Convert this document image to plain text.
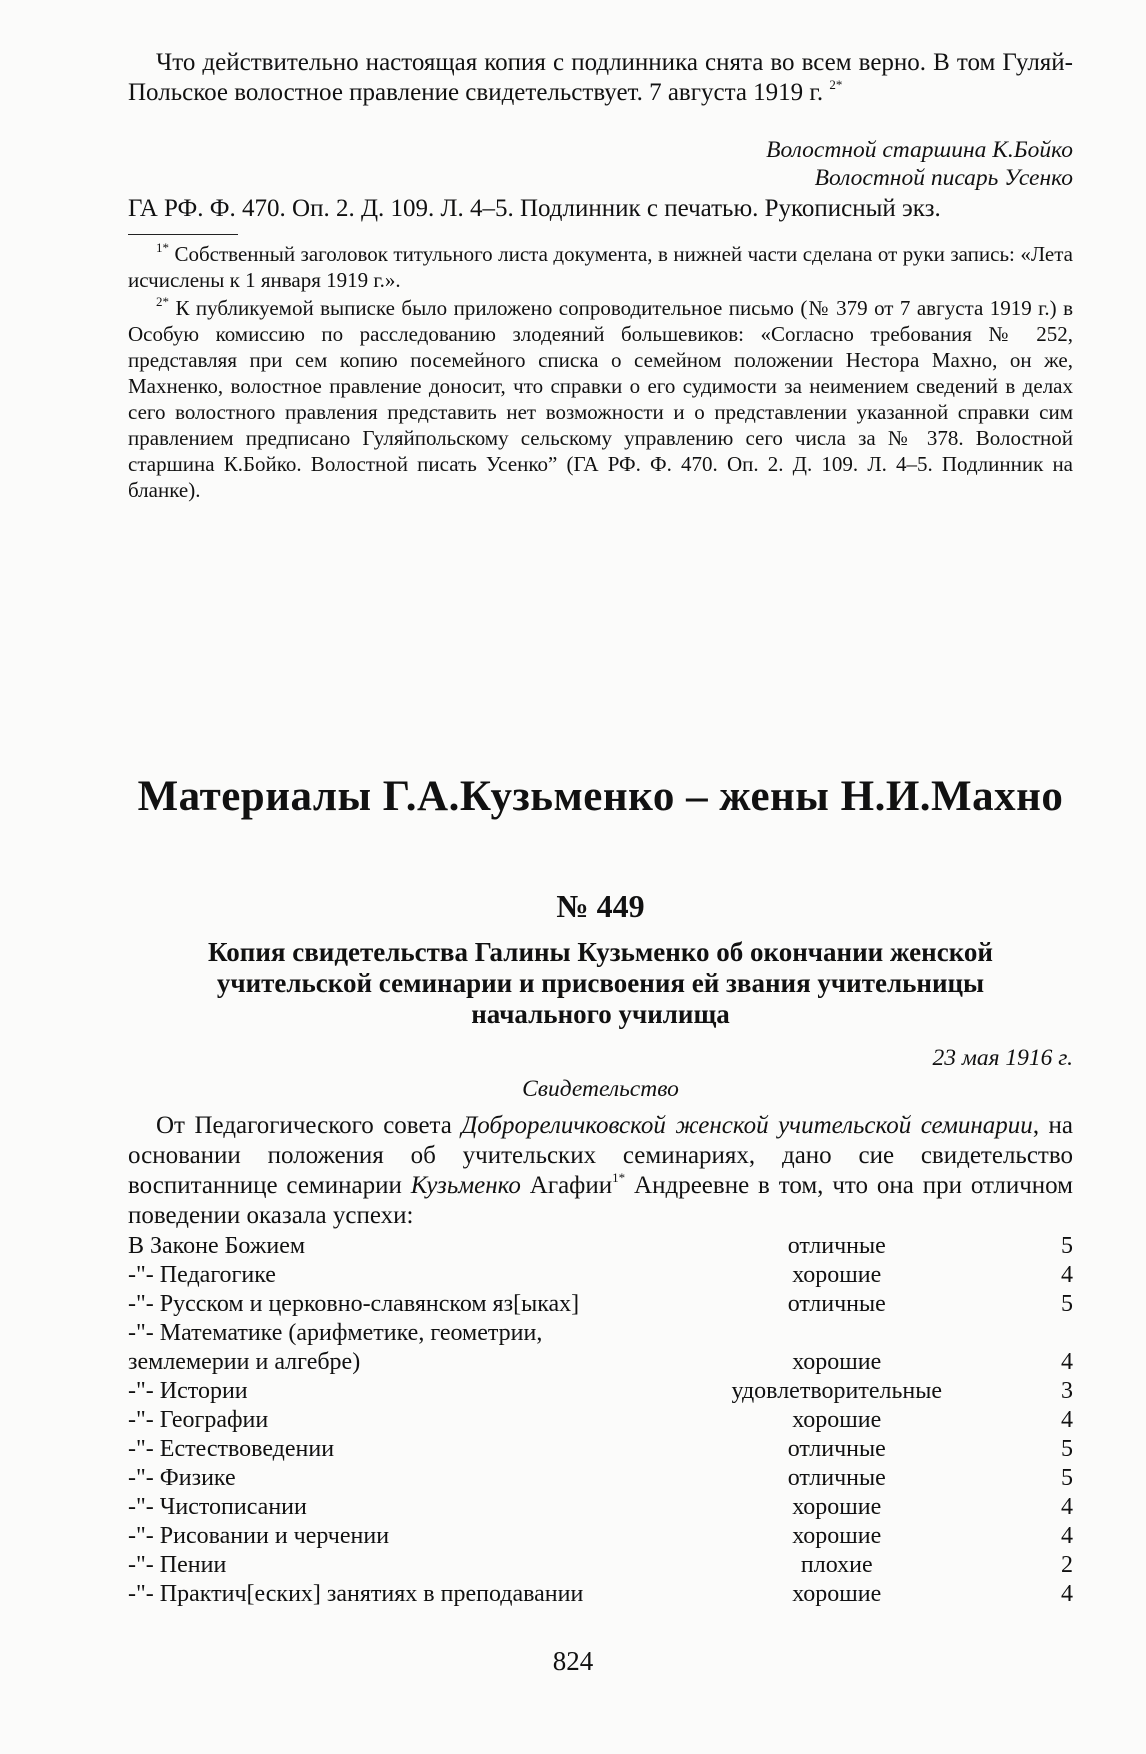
Что действительно настоящая копия с подлинника снята во всем верно. В том Гуляй-Польское волостное правление свидетельствует. 7 августа 1919 г. $^{2*}$

Волостной старшина К.Бойко

Волостной писарь Усенко

ГА РФ. Ф. 470. Оп. 2. Д. 109. Л. 4–5. Подлинник с печатью. Рукописный экз.

$^{1*}$ Собственный заголовок титульного листа документа, в нижней части сделана от руки запись: «Лета исчислены к 1 января 1919 г.».

$^{2*}$ К публикуемой выписке было приложено сопроводительное письмо (№ 379 от 7 августа 1919 г.) в Особую комиссию по расследованию злодеяний большевиков: «Согласно требования № 252, представляя при сем копию посемейного списка о семейном положении Нестора Махно, он же, Махненко, волостное правление доносит, что справки о его судимости за неимением сведений в делах сего волостного правления представить нет возможности и о представлении указанной справки сим правлением предписано Гуляйпольскому сельскому управлению сего числа за № 378. Волостной старшина К.Бойко. Волостной писать Усенко” (ГА РФ. Ф. 470. Оп. 2. Д. 109. Л. 4–5. Подлинник на бланке).

Материалы Г.А.Кузьменко – жены Н.И.Махно

№ 449

Копия свидетельства Галины Кузьменко об окончании женской учительской семинарии и присвоения ей звания учительницы начального училища

23 мая 1916 г.

Свидетельство

От Педагогического совета Доброреличковской женской учительской семинарии, на основании положения об учительских семинариях, дано сие свидетельство воспитаннице семинарии Кузьменко Агафии$^{1*}$ Андреевне в том, что она при отличном поведении оказала успехи:

В Законе Божием	отличные	5
-"- Педагогике	хорошие	4
-"- Русском и церковно-славянском яз[ыках]	отличные	5
-"- Математике (арифметике, геометрии,		
землемерии и алгебре)	хорошие	4
-"- Истории	удовлетворительные	3
-"- Географии	хорошие	4
-"- Естествоведении	отличные	5
-"- Физике	отличные	5
-"- Чистописании	хорошие	4
-"- Рисовании и черчении	хорошие	4
-"- Пении	плохие	2
-"- Практич[еских] занятиях в преподавании	хорошие	4
824
